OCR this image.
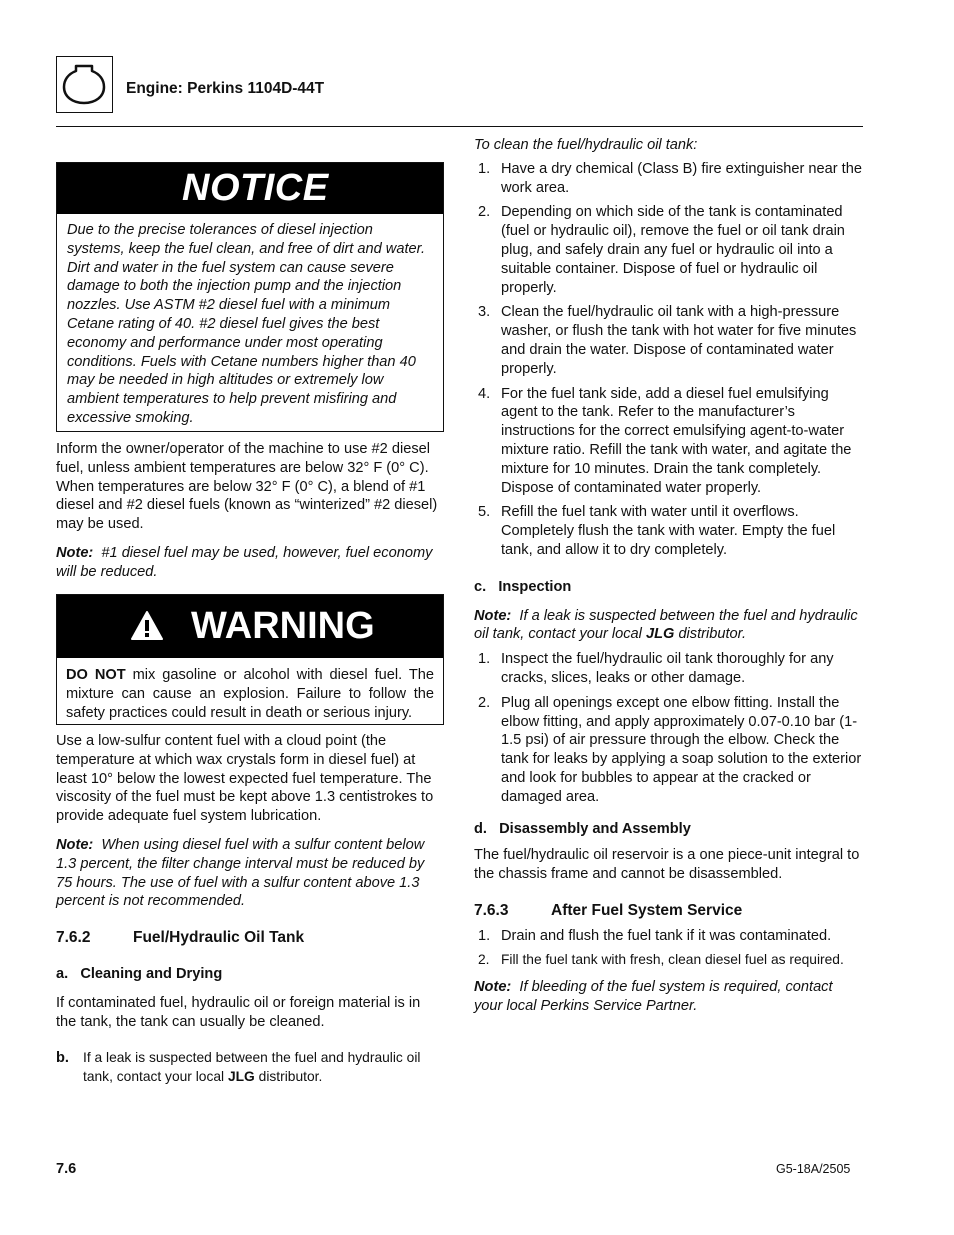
Engine: Perkins 1104D-44T
NOTICE
Due to the precise tolerances of diesel injection systems, keep the fuel clean, and free of dirt and water. Dirt and water in the fuel system can cause severe damage to both the injection pump and the injection nozzles. Use ASTM #2 diesel fuel with a minimum Cetane rating of 40. #2 diesel fuel gives the best economy and performance under most operating conditions. Fuels with Cetane numbers higher than 40 may be needed in high altitudes or extremely low ambient temperatures to help prevent misfiring and excessive smoking.

Inform the owner/operator of the machine to use #2 diesel fuel, unless ambient temperatures are below 32° F (0° C). When temperatures are below 32° F (0° C), a blend of #1 diesel and #2 diesel fuels (known as “winterized” #2 diesel) may be used.

Note: #1 diesel fuel may be used, however, fuel economy will be reduced.

WARNING
DO NOT mix gasoline or alcohol with diesel fuel. The mixture can cause an explosion. Failure to follow the safety practices could result in death or serious injury.

Use a low-sulfur content fuel with a cloud point (the temperature at which wax crystals form in diesel fuel) at least 10° below the lowest expected fuel temperature. The viscosity of the fuel must be kept above 1.3 centistrokes to provide adequate fuel system lubrication.

Note: When using diesel fuel with a sulfur content below 1.3 percent, the filter change interval must be reduced by 75 hours. The use of fuel with a sulfur content above 1.3 percent is not recommended.

7.6.2	Fuel/Hydraulic Oil Tank
a.   Cleaning and Drying

If contaminated fuel, hydraulic oil or foreign material is in the tank, the tank can usually be cleaned.

b. If a leak is suspected between the fuel and hydraulic oil tank, contact your local JLG distributor.

To clean the fuel/hydraulic oil tank:

1. Have a dry chemical (Class B) fire extinguisher near the work area.
2. Depending on which side of the tank is contaminated (fuel or hydraulic oil), remove the fuel or oil tank drain plug, and safely drain any fuel or hydraulic oil into a suitable container. Dispose of fuel or hydraulic oil properly.
3. Clean the fuel/hydraulic oil tank with a high-pressure washer, or flush the tank with hot water for five minutes and drain the water. Dispose of contaminated water properly.
4. For the fuel tank side, add a diesel fuel emulsifying agent to the tank. Refer to the manufacturer’s instructions for the correct emulsifying agent-to-water mixture ratio. Refill the tank with water, and agitate the mixture for 10 minutes. Drain the tank completely. Dispose of contaminated water properly.
5. Refill the fuel tank with water until it overflows. Completely flush the tank with water. Empty the fuel tank, and allow it to dry completely.
c.   Inspection

Note: If a leak is suspected between the fuel and hydraulic oil tank, contact your local JLG distributor.

1. Inspect the fuel/hydraulic oil tank thoroughly for any cracks, slices, leaks or other damage.
2. Plug all openings except one elbow fitting. Install the elbow fitting, and apply approximately 0.07-0.10 bar (1-1.5 psi) of air pressure through the elbow. Check the tank for leaks by applying a soap solution to the exterior and look for bubbles to appear at the cracked or damaged area.
d.   Disassembly and Assembly

The fuel/hydraulic oil reservoir is a one piece-unit integral to the chassis frame and cannot be disassembled.

7.6.3	After Fuel System Service
1. Drain and flush the fuel tank if it was contaminated.
2. Fill the fuel tank with fresh, clean diesel fuel as required.

Note: If bleeding of the fuel system is required, contact your local Perkins Service Partner.

7.6	G5-18A/2505
